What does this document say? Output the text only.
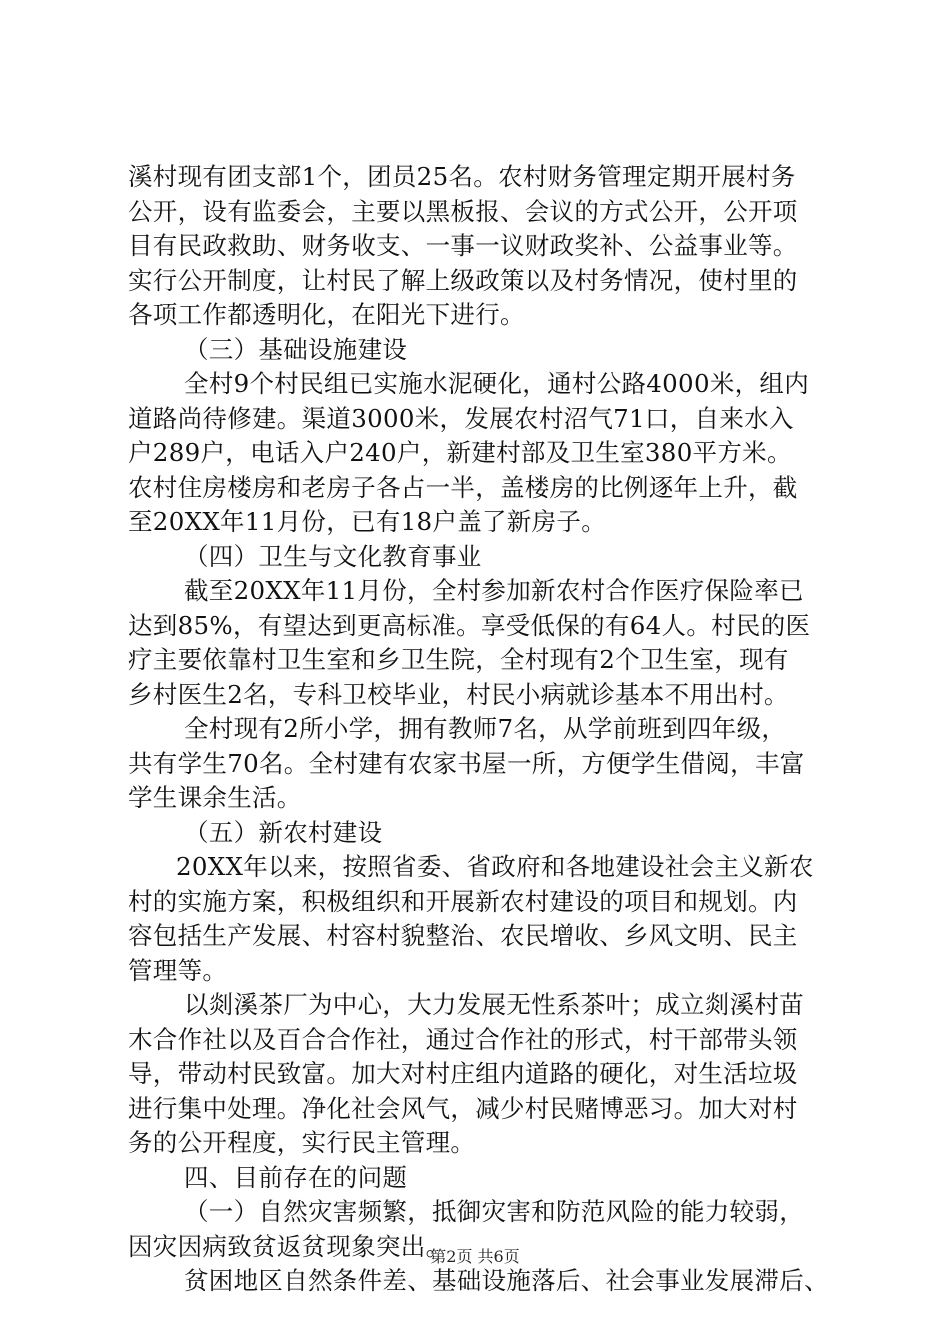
溪村现有团支部1个，团员25名。农村财务管理定期开展村务
公开，设有监委会，主要以黑板报、会议的方式公开，公开项
目有民政救助、财务收支、一事一议财政奖补、公益事业等。
实行公开制度，让村民了解上级政策以及村务情况，使村里的
各项工作都透明化，在阳光下进行。
（三）基础设施建设
全村9个村民组已实施水泥硬化，通村公路4000米，组内
道路尚待修建。渠道3000米，发展农村沼气71口，自来水入
户289户，电话入户240户，新建村部及卫生室380平方米。
农村住房楼房和老房子各占一半，盖楼房的比例逐年上升，截
至20XX年11月份，已有18户盖了新房子。
（四）卫生与文化教育事业
截至20XX年11月份，全村参加新农村合作医疗保险率已
达到85%，有望达到更高标准。享受低保的有64人。村民的医
疗主要依靠村卫生室和乡卫生院，全村现有2个卫生室，现有
乡村医生2名，专科卫校毕业，村民小病就诊基本不用出村。
全村现有2所小学，拥有教师7名，从学前班到四年级，
共有学生70名。全村建有农家书屋一所，方便学生借阅，丰富
学生课余生活。
（五）新农村建设
20XX年以来，按照省委、省政府和各地建设社会主义新农
村的实施方案，积极组织和开展新农村建设的项目和规划。内
容包括生产发展、村容村貌整治、农民增收、乡风文明、民主
管理等。
以剡溪茶厂为中心，大力发展无性系茶叶；成立剡溪村苗
木合作社以及百合合作社，通过合作社的形式，村干部带头领
导，带动村民致富。加大对村庄组内道路的硬化，对生活垃圾
进行集中处理。净化社会风气，减少村民赌博恶习。加大对村
务的公开程度，实行民主管理。
四、目前存在的问题
（一）自然灾害频繁，抵御灾害和防范风险的能力较弱，
因灾因病致贫返贫现象突出。
贫困地区自然条件差、基础设施落后、社会事业发展滞后、
第2页 共6页
